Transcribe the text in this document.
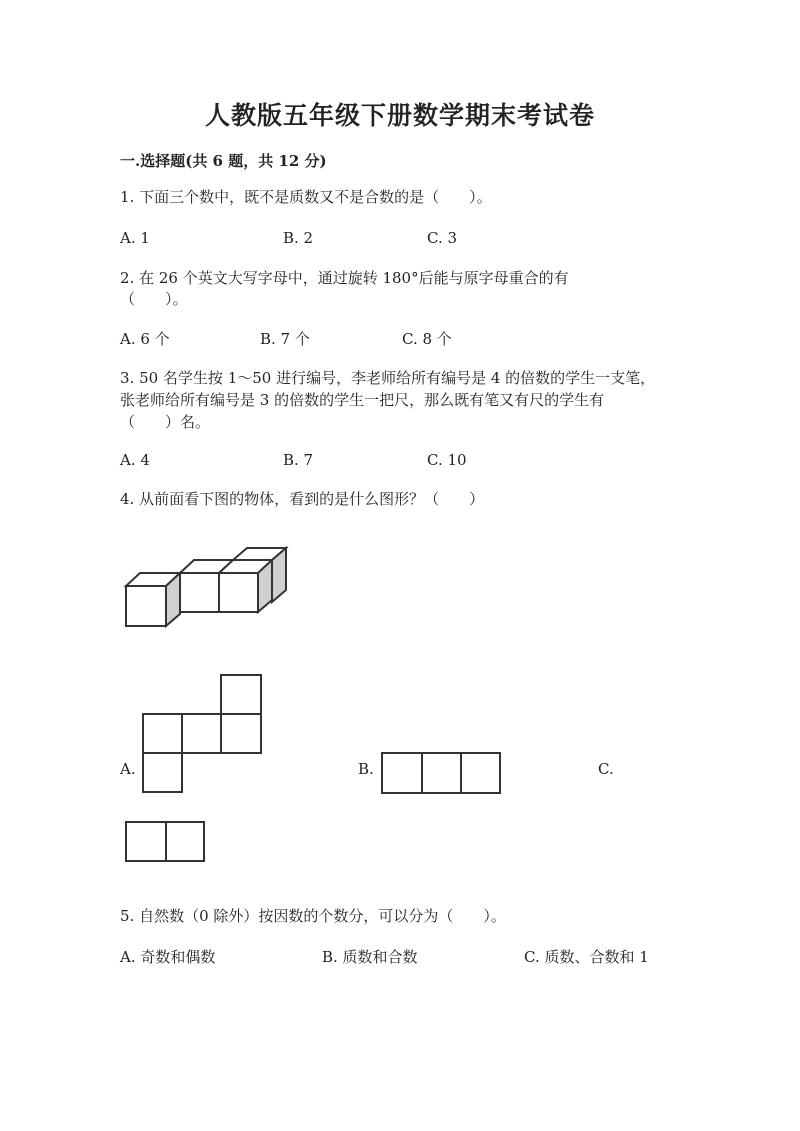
人教版五年级下册数学期末考试卷
一.选择题(共 6 题，共 12 分)
1. 下面三个数中，既不是质数又不是合数的是（　　）。
A. 1	B. 2	C. 3
2. 在 26 个英文大写字母中，通过旋转 180°后能与原字母重合的有
（　　）。
A. 6 个	B. 7 个	C. 8 个
3. 50 名学生按 1～50 进行编号，李老师给所有编号是 4 的倍数的学生一支笔，
张老师给所有编号是 3 的倍数的学生一把尺，那么既有笔又有尺的学生有
（　　）名。
A. 4	B. 7	C. 10
4. 从前面看下图的物体，看到的是什么图形？（　　）
A.	B.	C.
5. 自然数（0 除外）按因数的个数分，可以分为（　　）。
A. 奇数和偶数	B. 质数和合数	C. 质数、合数和 1
